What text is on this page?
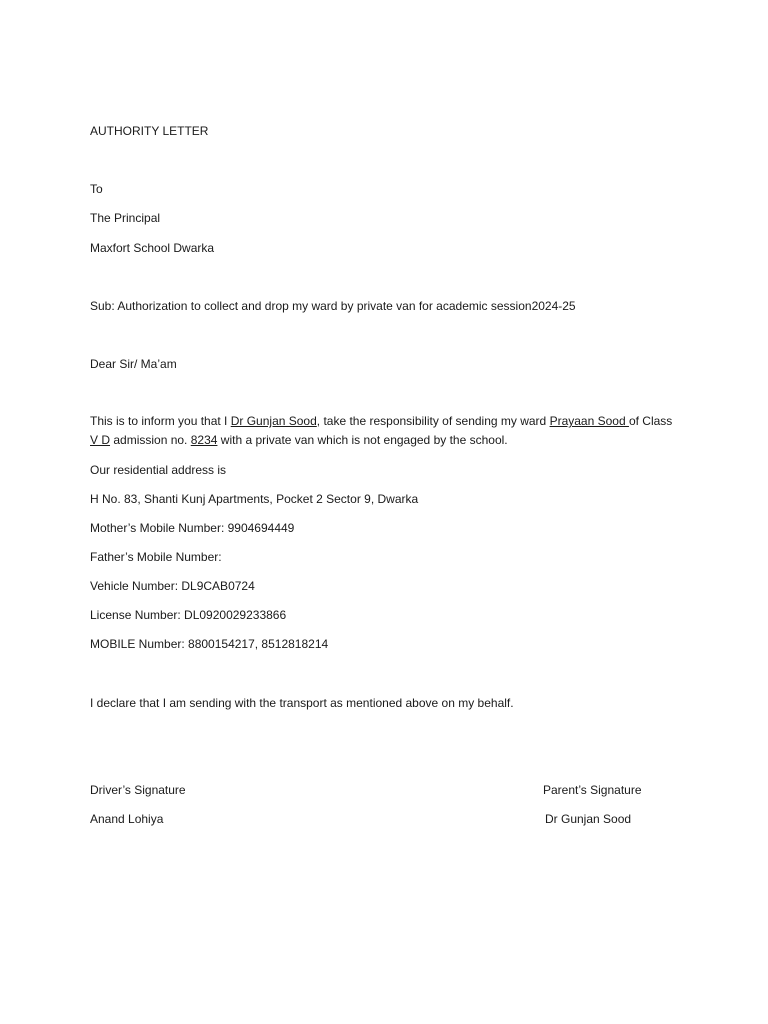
AUTHORITY LETTER
To
The Principal
Maxfort School Dwarka
Sub: Authorization to collect and drop my ward by private van for academic session2024-25
Dear Sir/ Ma’am
This is to inform you that I Dr Gunjan Sood, take the responsibility of sending my ward Prayaan Sood of Class V D admission no. 8234 with a private van which is not engaged by the school.
Our residential address is
H No. 83, Shanti Kunj Apartments, Pocket 2 Sector 9, Dwarka
Mother’s Mobile Number: 9904694449
Father’s Mobile Number:
Vehicle Number: DL9CAB0724
License Number: DL0920029233866
MOBILE Number: 8800154217, 8512818214
I declare that I am sending with the transport as mentioned above on my behalf.
Driver’s Signature
Anand Lohiya
Parent’s Signature
Dr Gunjan Sood
